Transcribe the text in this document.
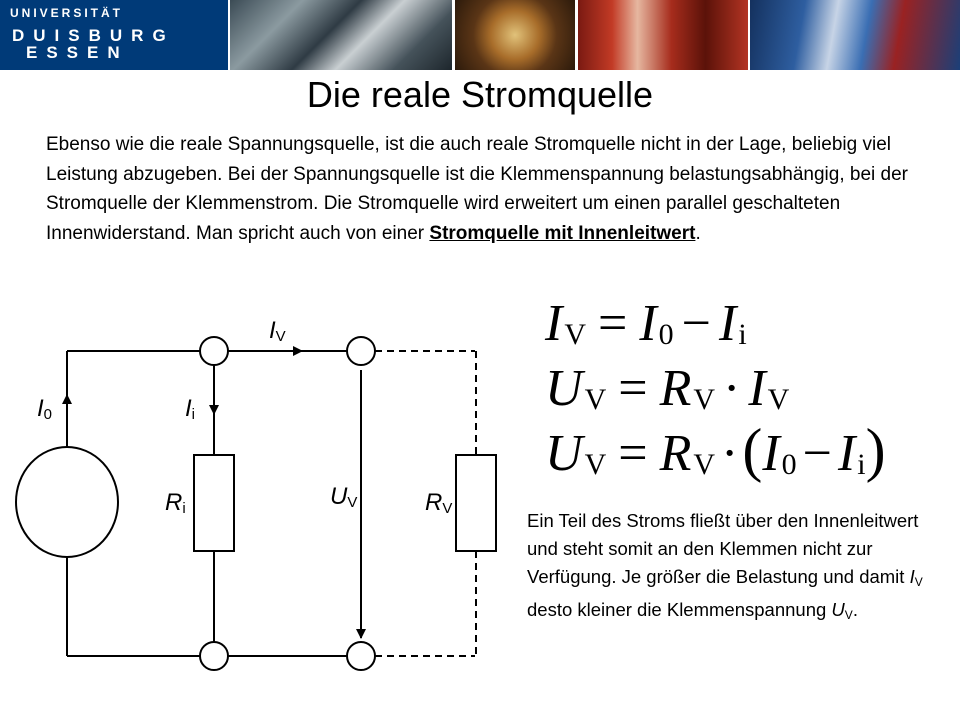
UNIVERSITÄT
DUISBURG
ESSEN
Die reale Stromquelle
Ebenso wie die reale Spannungsquelle, ist die auch reale Stromquelle nicht in der Lage, beliebig viel Leistung abzugeben. Bei der Spannungsquelle ist die Klemmenspannung belastungsabhängig, bei der Stromquelle der Klemmenstrom. Die Stromquelle wird erweitert um einen parallel geschalteten Innenwiderstand. Man spricht auch von einer Stromquelle mit Innenleitwert.
I0	Ii
IV
Ri	UV	RV
IV = I0 − Ii
UV = RV · IV
UV = RV ·(I0 − Ii)
Ein Teil des Stroms fließt über den Innenleitwert und steht somit an den Klemmen nicht zur Verfügung. Je größer die Belastung und damit $I_V$ desto kleiner die Klemmenspannung $U_V$.
